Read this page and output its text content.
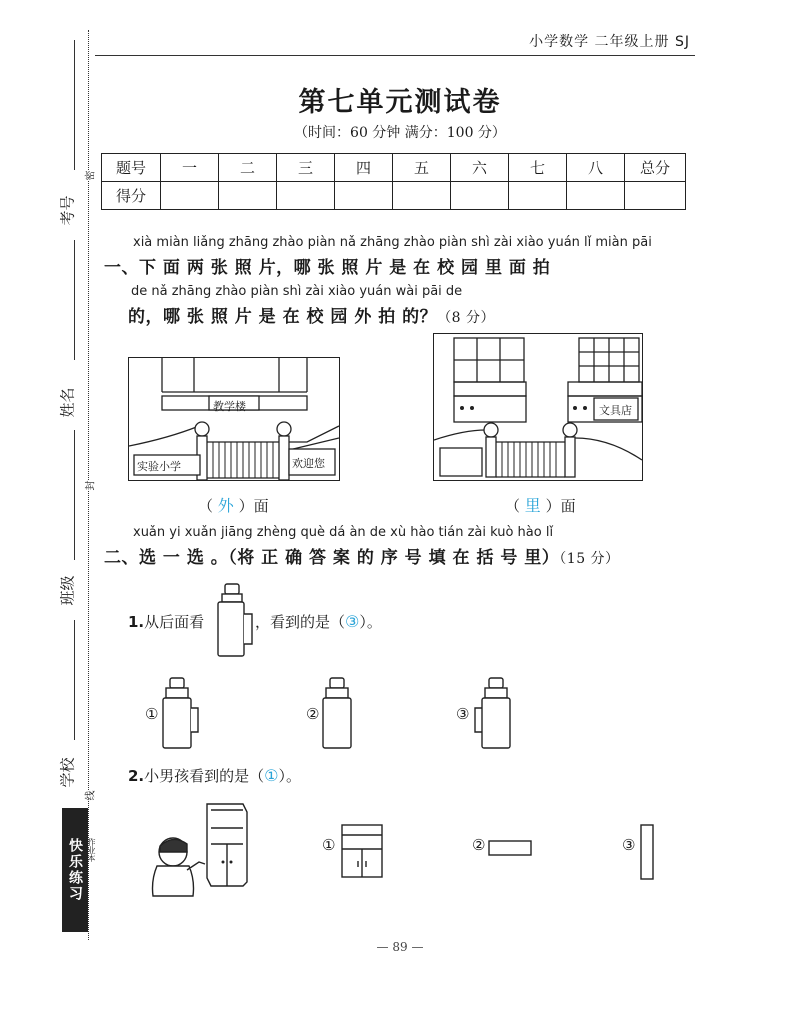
考号
姓名
班级
学校
密
封
线
快乐练习 作业本
小学数学 二年级上册 SJ
第七单元测试卷
（时间：60 分钟 满分：100 分）
题号	一	二	三	四	五	六	七	八	总分
得分									
xià miàn liǎng zhāng zhào piàn nǎ zhāng zhào piàn shì zài xiào yuán lǐ miàn pāi
一、下 面 两 张 照 片，哪 张 照 片 是 在 校 园 里 面 拍
de nǎ zhāng zhào piàn shì zài xiào yuán wài pāi de
的，哪 张 照 片 是 在 校 园 外 拍 的？（8 分）
教学楼
实验小学	欢迎您
（ 外 ）面
文具店
（ 里 ）面
xuǎn yi xuǎn jiāng zhèng què dá àn de xù hào tián zài kuò hào lǐ
二、选 一 选 。（将 正 确 答 案 的 序 号 填 在 括 号 里）（15 分）
1.从后面看	，看到的是（③）。
①	②	③
2.小男孩看到的是（①）。
①	②	③
— 89 —
